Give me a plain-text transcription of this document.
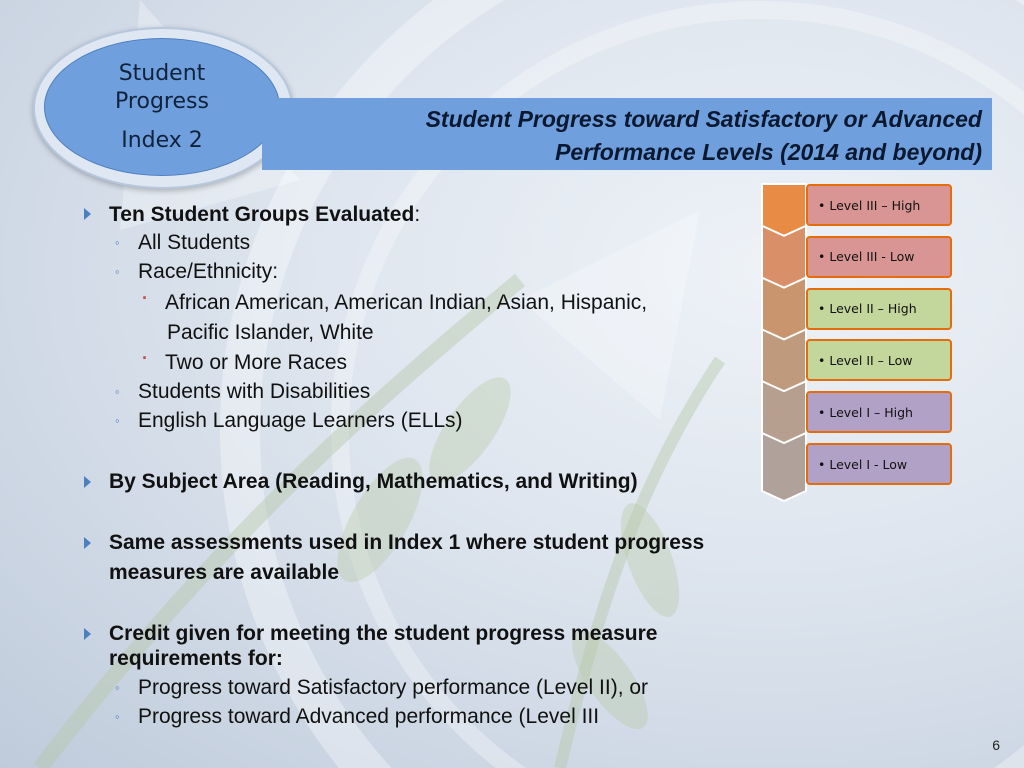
Student
Progress
Index 2
Student Progress toward Satisfactory or Advanced
Performance Levels (2014 and beyond)
Ten Student Groups Evaluated:
◦ All Students
◦ Race/Ethnicity:
· African American, American Indian, Asian, Hispanic,
Pacific Islander, White
· Two or More Races
◦ Students with Disabilities
◦ English Language Learners (ELLs)
By Subject Area (Reading, Mathematics, and Writing)
Same assessments used in Index 1 where student progress
measures are available
Credit given for meeting the student progress measure
requirements for:
◦ Progress toward Satisfactory performance (Level II), or
◦ Progress toward Advanced performance (Level III
• Level III – High
• Level III - Low
• Level II – High
• Level II – Low
• Level I – High
• Level I - Low
6
